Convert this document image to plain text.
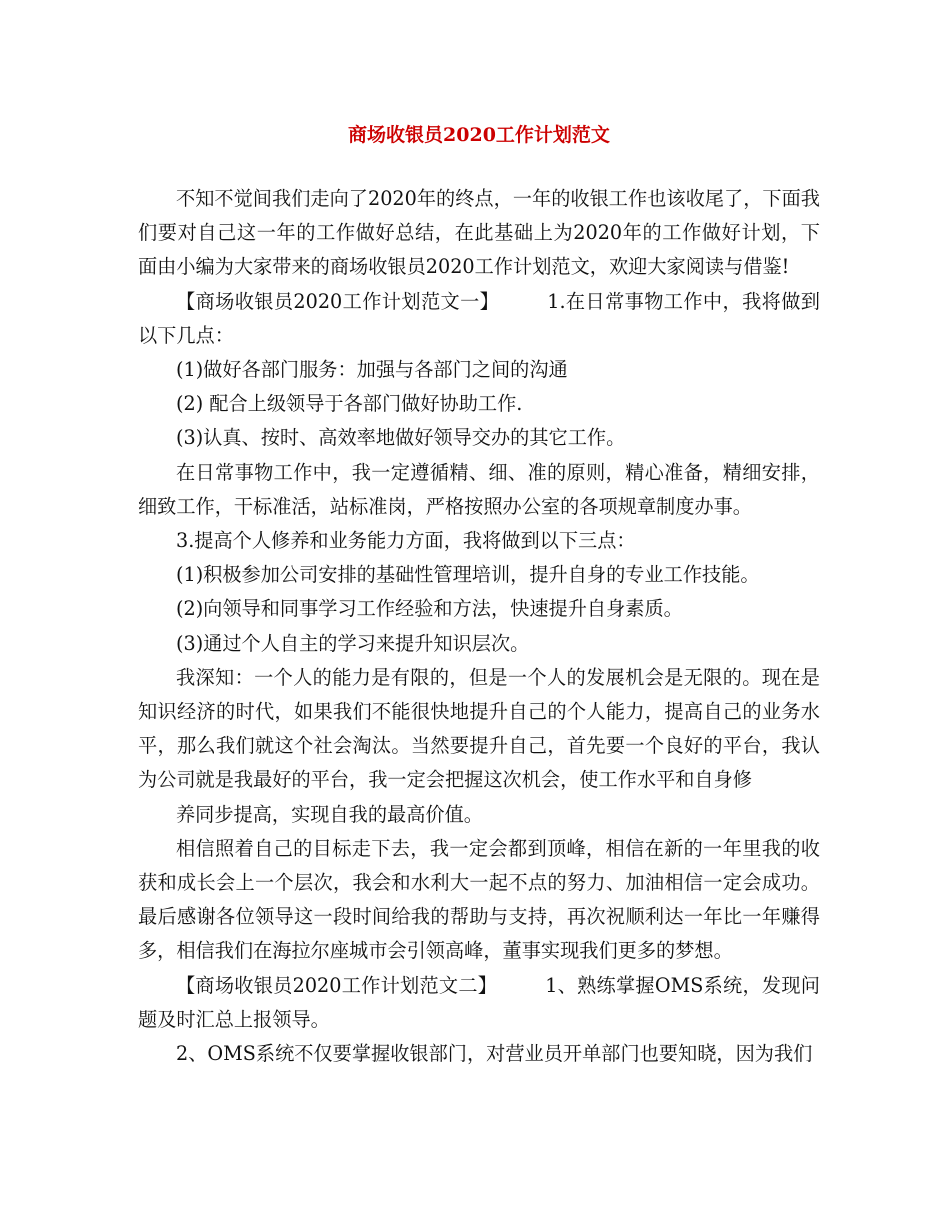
商场收银员2020工作计划范文

不知不觉间我们走向了2020年的终点，一年的收银工作也该收尾了，下面我们要对自己这一年的工作做好总结，在此基础上为2020年的工作做好计划，下面由小编为大家带来的商场收银员2020工作计划范文，欢迎大家阅读与借鉴!

【商场收银员2020工作计划范文一】	1.在日常事物工作中，我将做到以下几点：

(1)做好各部门服务：加强与各部门之间的沟通

(2) 配合上级领导于各部门做好协助工作.

(3)认真、按时、高效率地做好领导交办的其它工作。

在日常事物工作中，我一定遵循精、细、准的原则，精心准备，精细安排，细致工作，干标准活，站标准岗，严格按照办公室的各项规章制度办事。

3.提高个人修养和业务能力方面，我将做到以下三点：

(1)积极参加公司安排的基础性管理培训，提升自身的专业工作技能。

(2)向领导和同事学习工作经验和方法，快速提升自身素质。

(3)通过个人自主的学习来提升知识层次。

我深知：一个人的能力是有限的，但是一个人的发展机会是无限的。现在是知识经济的时代，如果我们不能很快地提升自己的个人能力，提高自己的业务水平，那么我们就这个社会淘汰。当然要提升自己，首先要一个良好的平台，我认为公司就是我最好的平台，我一定会把握这次机会，使工作水平和自身修

养同步提高，实现自我的最高价值。

相信照着自己的目标走下去，我一定会都到顶峰，相信在新的一年里我的收获和成长会上一个层次，我会和水利大一起不点的努力、加油相信一定会成功。 最后感谢各位领导这一段时间给我的帮助与支持，再次祝顺利达一年比一年赚得多，相信我们在海拉尔座城市会引领高峰，董事实现我们更多的梦想。

【商场收银员2020工作计划范文二】	1、熟练掌握OMS系统，发现问题及时汇总上报领导。

2、OMS系统不仅要掌握收银部门，对营业员开单部门也要知晓，因为我们
